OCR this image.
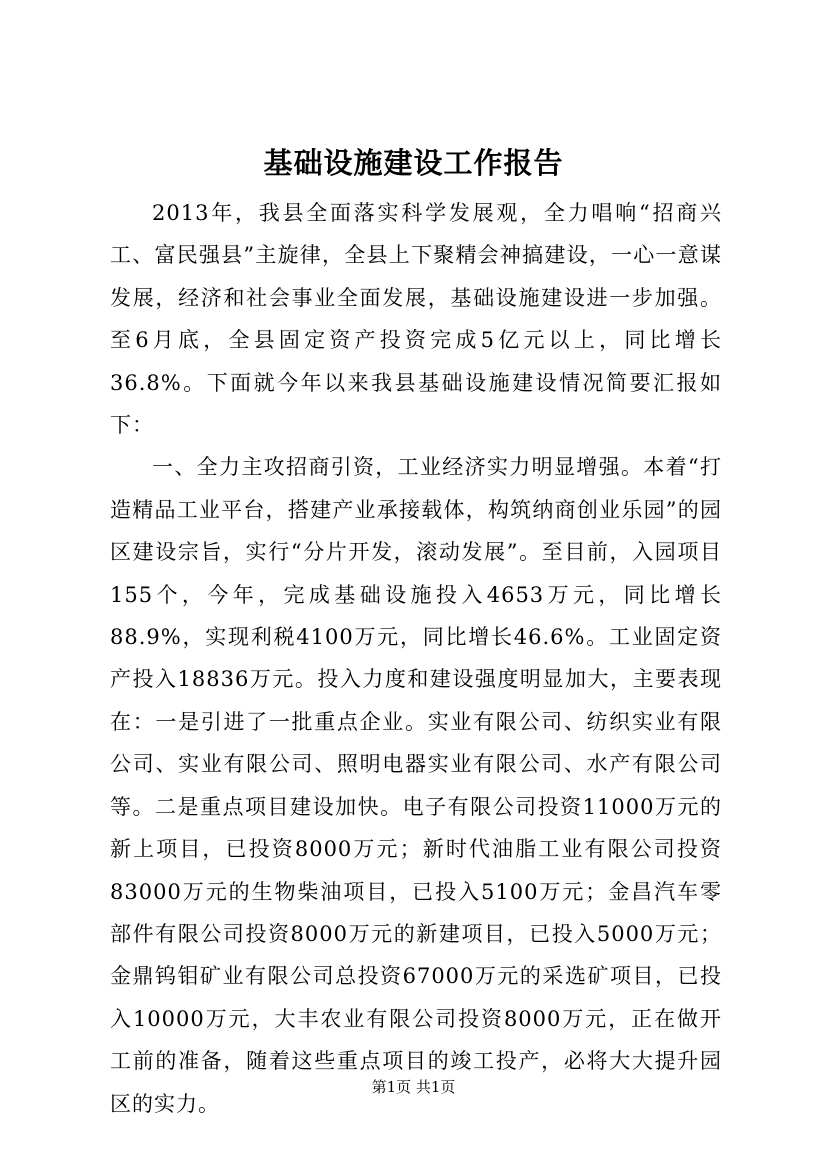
基础设施建设工作报告

2013年，我县全面落实科学发展观，全力唱响“招商兴工、富民强县”主旋律，全县上下聚精会神搞建设，一心一意谋发展，经济和社会事业全面发展，基础设施建设进一步加强。至6月底，全县固定资产投资完成5亿元以上，同比增长36.8%。下面就今年以来我县基础设施建设情况简要汇报如下：

一、全力主攻招商引资，工业经济实力明显增强。本着“打造精品工业平台，搭建产业承接载体，构筑纳商创业乐园”的园区建设宗旨，实行“分片开发，滚动发展”。至目前，入园项目155个，今年，完成基础设施投入4653万元，同比增长88.9%，实现利税4100万元，同比增长46.6%。工业固定资产投入18836万元。投入力度和建设强度明显加大，主要表现在：一是引进了一批重点企业。实业有限公司、纺织实业有限公司、实业有限公司、照明电器实业有限公司、水产有限公司等。二是重点项目建设加快。电子有限公司投资11000万元的新上项目，已投资8000万元；新时代油脂工业有限公司投资83000万元的生物柴油项目，已投入5100万元；金昌汽车零部件有限公司投资8000万元的新建项目，已投入5000万元；金鼎钨钼矿业有限公司总投资67000万元的采选矿项目，已投入10000万元，大丰农业有限公司投资8000万元，正在做开工前的准备，随着这些重点项目的竣工投产，必将大大提升园区的实力。

第1页 共1页
